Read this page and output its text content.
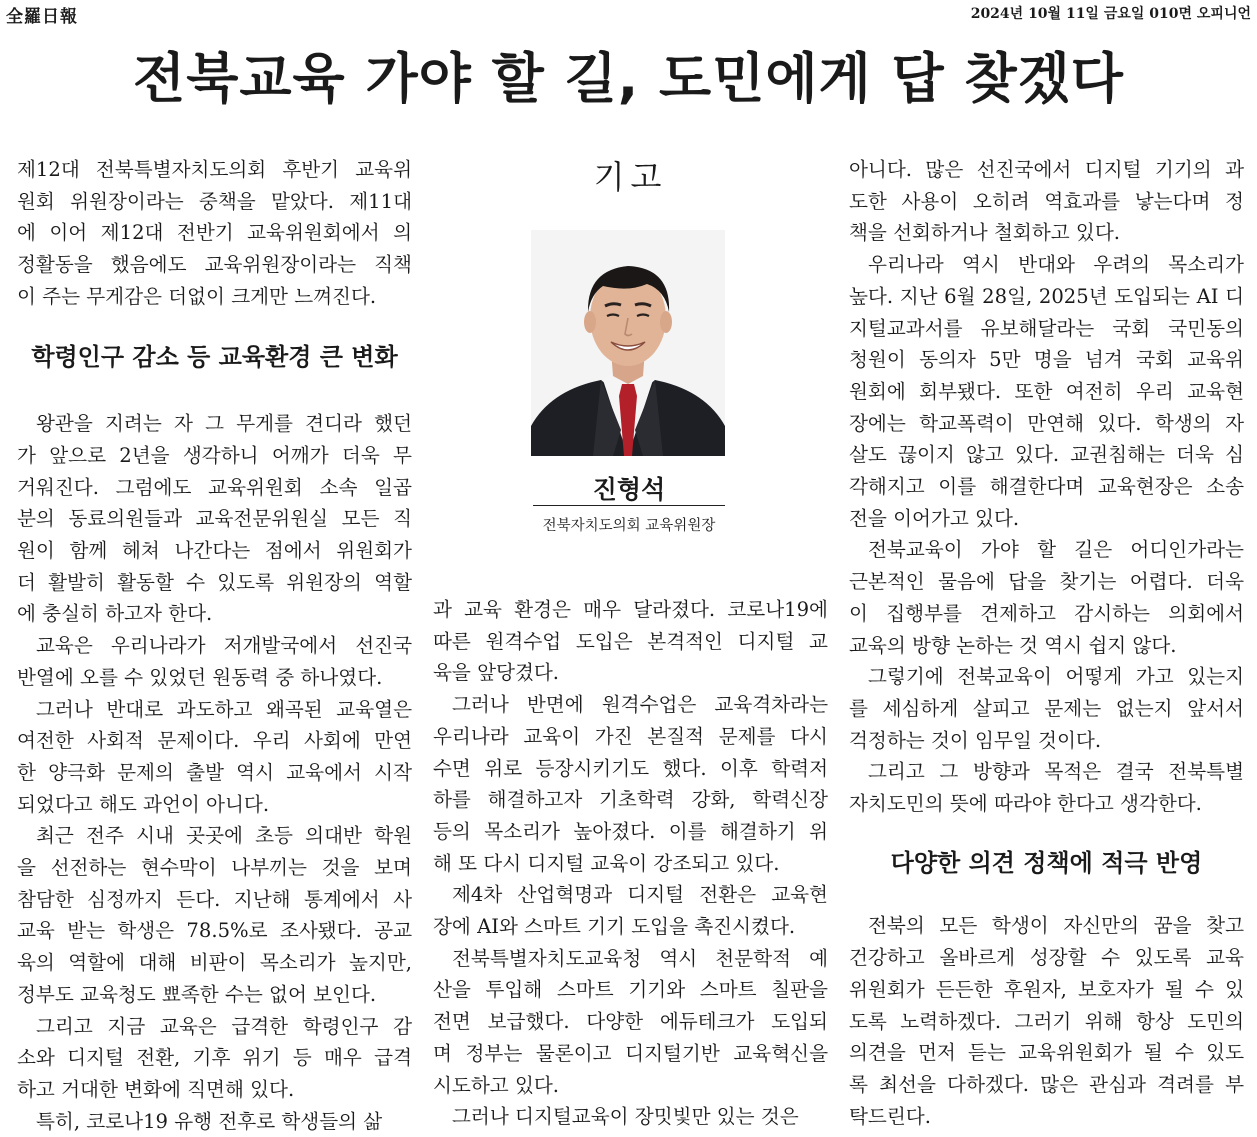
全羅日報	2024년 10월 11일 금요일 010면 오피니언
전북교육 가야 할 길, 도민에게 답 찾겠다

제12대 전북특별자치도의회 후반기 교육위
원회 위원장이라는 중책을 맡았다. 제11대
에 이어 제12대 전반기 교육위원회에서 의
정활동을 했음에도 교육위원장이라는 직책
이 주는 무게감은 더없이 크게만 느껴진다.

학령인구 감소 등 교육환경 큰 변화

왕관을 지려는 자 그 무게를 견디라 했던
가 앞으로 2년을 생각하니 어깨가 더욱 무
거워진다. 그럼에도 교육위원회 소속 일곱
분의 동료의원들과 교육전문위원실 모든 직
원이 함께 헤쳐 나간다는 점에서 위원회가
더 활발히 활동할 수 있도록 위원장의 역할
에 충실히 하고자 한다.

교육은 우리나라가 저개발국에서 선진국
반열에 오를 수 있었던 원동력 중 하나였다.

그러나 반대로 과도하고 왜곡된 교육열은
여전한 사회적 문제이다. 우리 사회에 만연
한 양극화 문제의 출발 역시 교육에서 시작
되었다고 해도 과언이 아니다.

최근 전주 시내 곳곳에 초등 의대반 학원
을 선전하는 현수막이 나부끼는 것을 보며
참담한 심정까지 든다. 지난해 통계에서 사
교육 받는 학생은 78.5%로 조사됐다. 공교
육의 역할에 대해 비판이 목소리가 높지만,
정부도 교육청도 뾰족한 수는 없어 보인다.

그리고 지금 교육은 급격한 학령인구 감
소와 디지털 전환, 기후 위기 등 매우 급격
하고 거대한 변화에 직면해 있다.

특히, 코로나19 유행 전후로 학생들의 삶

과 교육 환경은 매우 달라졌다. 코로나19에
따른 원격수업 도입은 본격적인 디지털 교
육을 앞당겼다.

그러나 반면에 원격수업은 교육격차라는
우리나라 교육이 가진 본질적 문제를 다시
수면 위로 등장시키기도 했다. 이후 학력저
하를 해결하고자 기초학력 강화, 학력신장
등의 목소리가 높아졌다. 이를 해결하기 위
해 또 다시 디지털 교육이 강조되고 있다.

제4차 산업혁명과 디지털 전환은 교육현
장에 AI와 스마트 기기 도입을 촉진시켰다.

전북특별자치도교육청 역시 천문학적 예
산을 투입해 스마트 기기와 스마트 칠판을
전면 보급했다. 다양한 에듀테크가 도입되
며 정부는 물론이고 디지털기반 교육혁신을
시도하고 있다.

그러나 디지털교육이 장밋빛만 있는 것은

아니다. 많은 선진국에서 디지털 기기의 과
도한 사용이 오히려 역효과를 낳는다며 정
책을 선회하거나 철회하고 있다.

우리나라 역시 반대와 우려의 목소리가
높다. 지난 6월 28일, 2025년 도입되는 AI 디
지털교과서를 유보해달라는 국회 국민동의
청원이 동의자 5만 명을 넘겨 국회 교육위
원회에 회부됐다. 또한 여전히 우리 교육현
장에는 학교폭력이 만연해 있다. 학생의 자
살도 끊이지 않고 있다. 교권침해는 더욱 심
각해지고 이를 해결한다며 교육현장은 소송
전을 이어가고 있다.

전북교육이 가야 할 길은 어디인가라는
근본적인 물음에 답을 찾기는 어렵다. 더욱
이 집행부를 견제하고 감시하는 의회에서
교육의 방향 논하는 것 역시 쉽지 않다.

그렇기에 전북교육이 어떻게 가고 있는지
를 세심하게 살피고 문제는 없는지 앞서서
걱정하는 것이 임무일 것이다.

그리고 그 방향과 목적은 결국 전북특별
자치도민의 뜻에 따라야 한다고 생각한다.

다양한 의견 정책에 적극 반영

전북의 모든 학생이 자신만의 꿈을 찾고
건강하고 올바르게 성장할 수 있도록 교육
위원회가 든든한 후원자, 보호자가 될 수 있
도록 노력하겠다. 그러기 위해 항상 도민의
의견을 먼저 듣는 교육위원회가 될 수 있도
록 최선을 다하겠다. 많은 관심과 격려를 부
탁드린다.

기고
진형석
전북자치도의회 교육위원장
